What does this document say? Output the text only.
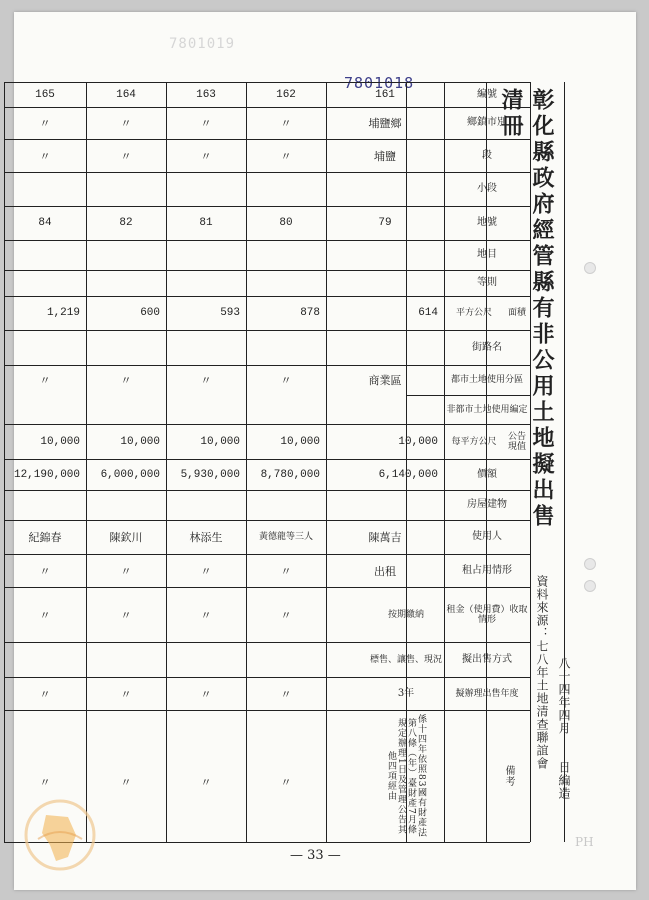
7801019
7801018
編號
鄉鎮市別
段
小段
地號
地目
等則
平方公尺	面積
街路名
都市土地使用分區
非都市土地使用編定
每平方公尺	公告現值
價額
房屋建物
使用人
租占用情形
租金（使用費）收取情形
擬出售方式
擬辦理出售年度
備考
標售、讓售、現況
3年
係十四年依照83國有財產法第八條（年）臺財產7月條規定辦理1日及管理公告其他四項經由
161
埔鹽鄉
埔鹽
79
614
商業區
10,000
6,140,000
陳萬吉
出租
按期繳納
162
〃
〃
80
878
〃
10,000
8,780,000
黃德龍等三人
〃
〃
163
〃
〃
81
593
〃
10,000
5,930,000
林添生
〃
〃
164
〃
〃
82
600
〃
10,000
6,000,000
陳欽川
〃
〃
165
〃
〃
84
1,219
〃
10,000
12,190,000
紀錦春
〃
〃
〃
〃
〃
〃
〃
〃
〃
〃
彰化縣政府經管縣有非公用土地擬出售清冊
資料來源：七八年土地清查聯誼會 八十四年四月　　日編造
— 33 —
PH
